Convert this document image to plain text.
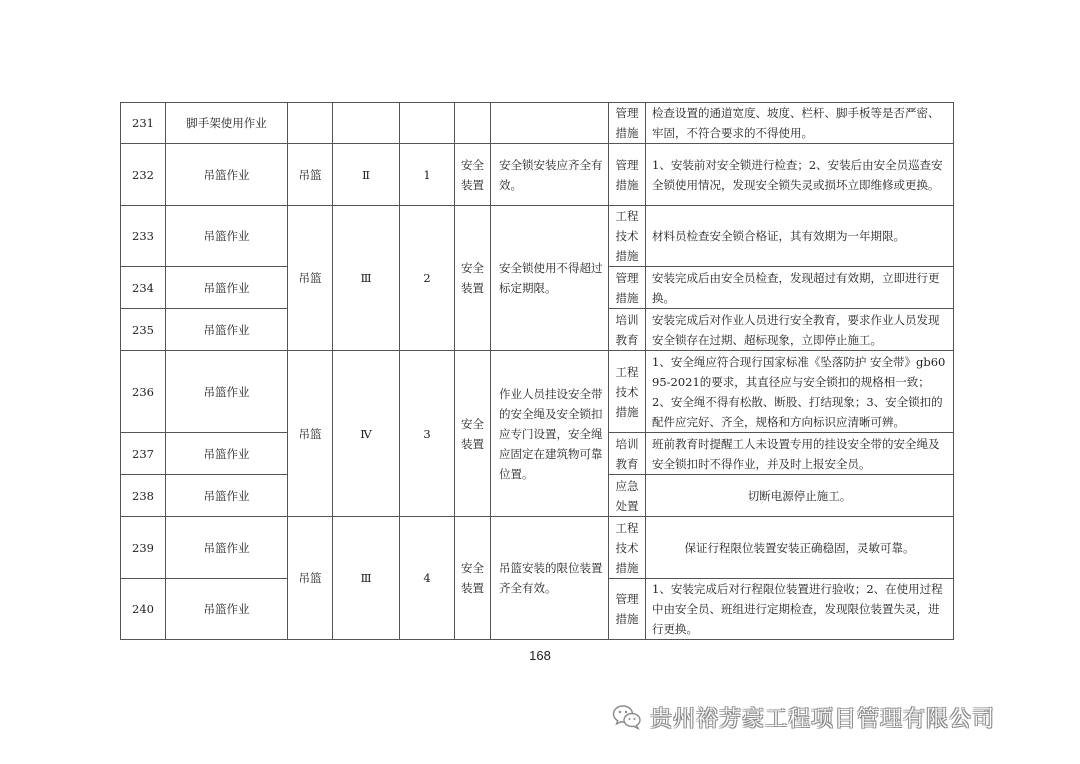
231	脚手架使用作业						管理措施	检查设置的通道宽度、坡度、栏杆、脚手板等是否严密、牢固，不符合要求的不得使用。
232	吊篮作业	吊篮	Ⅱ	1	安全装置	安全锁安装应齐全有效。	管理措施	1、安装前对安全锁进行检查；2、安装后由安全员巡查安全锁使用情况，发现安全锁失灵或损坏立即维修或更换。
233	吊篮作业	吊篮	Ⅲ	2	安全装置	安全锁使用不得超过标定期限。	工程技术措施	材料员检查安全锁合格证，其有效期为一年期限。
234	吊篮作业						管理措施	安装完成后由安全员检查，发现超过有效期，立即进行更换。
235	吊篮作业						培训教育	安装完成后对作业人员进行安全教育，要求作业人员发现安全锁存在过期、超标现象，立即停止施工。
236	吊篮作业	吊篮	Ⅳ	3	安全装置	作业人员挂设安全带的安全绳及安全锁扣应专门设置，安全绳应固定在建筑物可靠位置。	工程技术措施	1、安全绳应符合现行国家标准《坠落防护 安全带》gb6095-2021的要求，其直径应与安全锁扣的规格相一致；2、安全绳不得有松散、断股、打结现象；3、安全锁扣的配件应完好、齐全，规格和方向标识应清晰可辨。
237	吊篮作业						培训教育	班前教育时提醒工人未设置专用的挂设安全带的安全绳及安全锁扣时不得作业，并及时上报安全员。
238	吊篮作业						应急处置	切断电源停止施工。
239	吊篮作业	吊篮	Ⅲ	4	安全装置	吊篮安装的限位装置齐全有效。	工程技术措施	保证行程限位装置安装正确稳固，灵敏可靠。
240	吊篮作业						管理措施	1、安装完成后对行程限位装置进行验收；2、在使用过程中由安全员、班组进行定期检查，发现限位装置失灵，进行更换。
168
贵州裕芳豪工程项目管理有限公司
